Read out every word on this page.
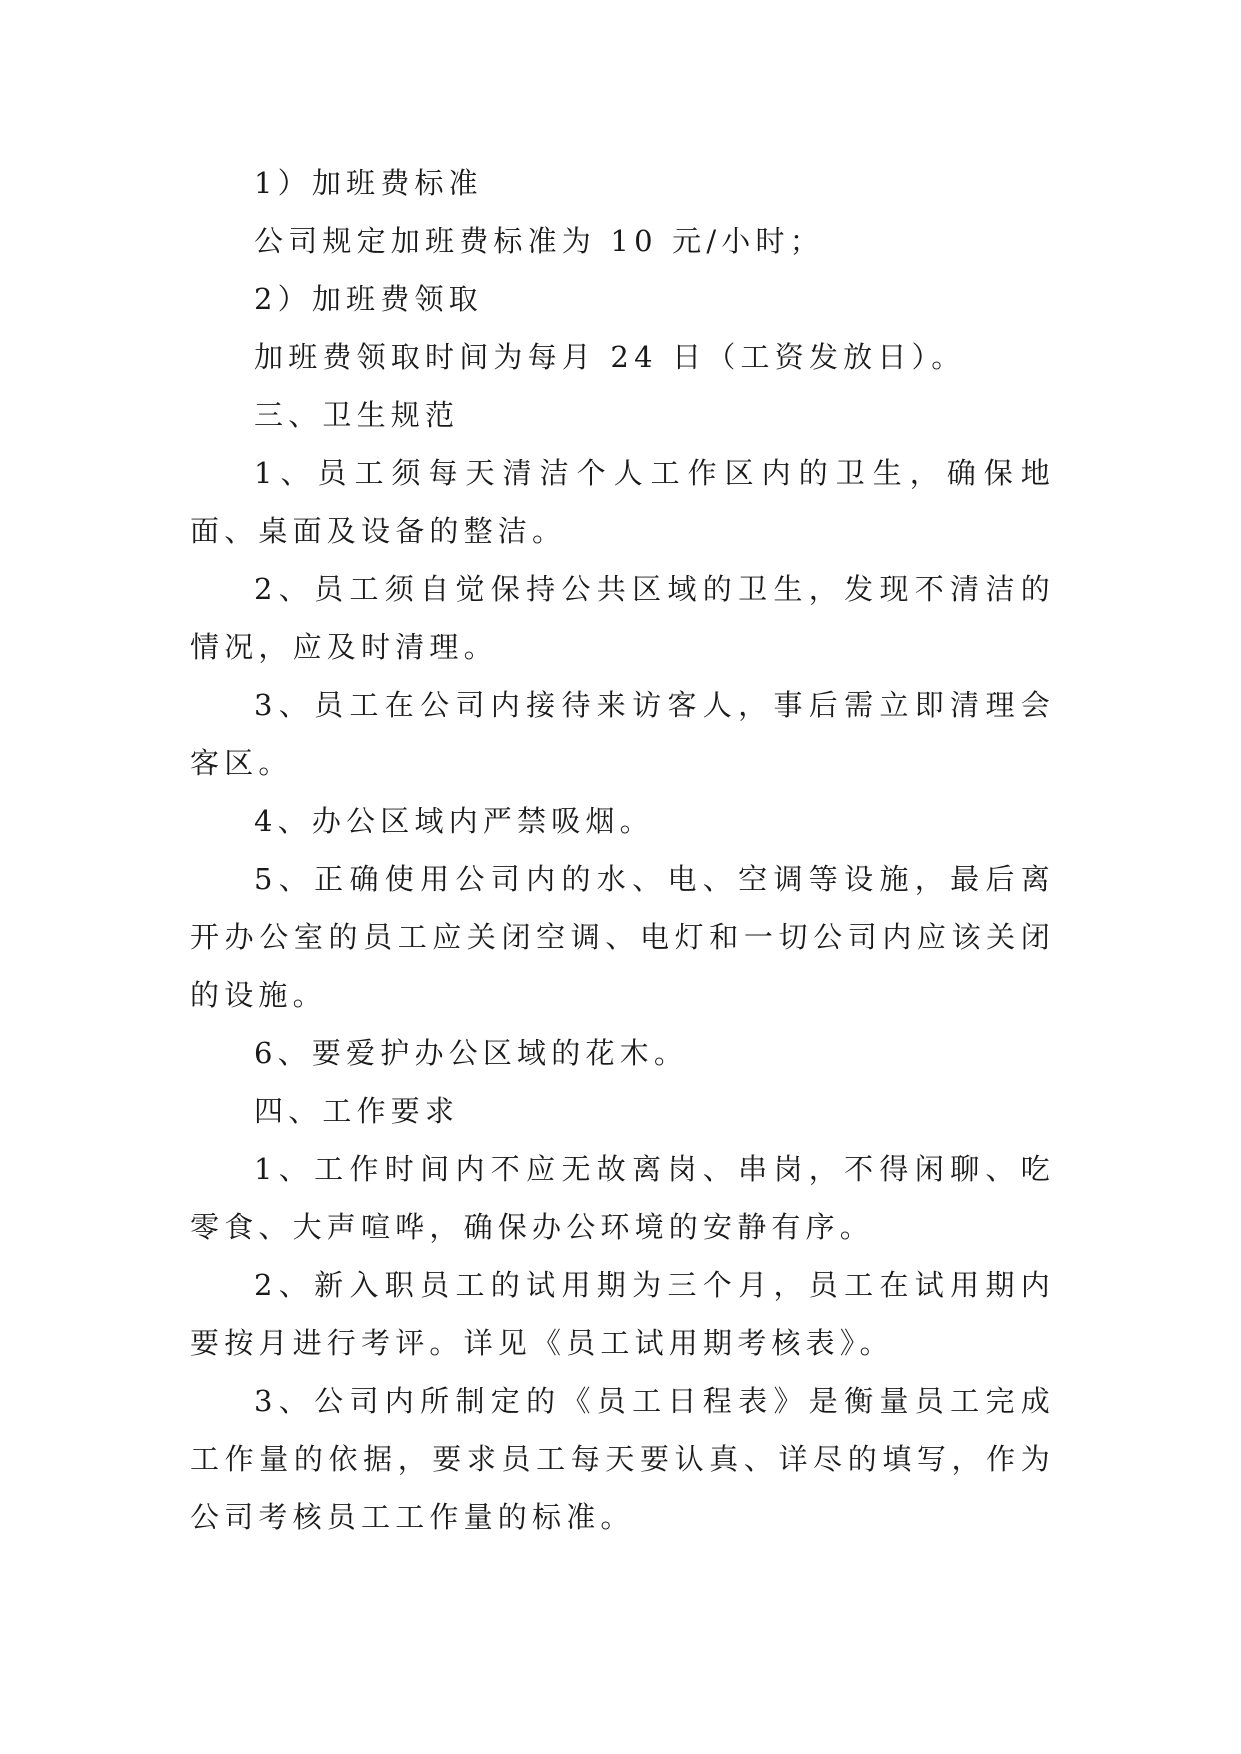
1）加班费标准

公司规定加班费标准为 10 元/小时；

2）加班费领取

加班费领取时间为每月 24 日（工资发放日）。

三、卫生规范

1、员工须每天清洁个人工作区内的卫生，确保地面、桌面及设备的整洁。

2、员工须自觉保持公共区域的卫生，发现不清洁的情况，应及时清理。

3、员工在公司内接待来访客人，事后需立即清理会客区。

4、办公区域内严禁吸烟。

5、正确使用公司内的水、电、空调等设施，最后离开办公室的员工应关闭空调、电灯和一切公司内应该关闭的设施。

6、要爱护办公区域的花木。

四、工作要求

1、工作时间内不应无故离岗、串岗，不得闲聊、吃零食、大声喧哗，确保办公环境的安静有序。

2、新入职员工的试用期为三个月，员工在试用期内要按月进行考评。详见《员工试用期考核表》。

3、公司内所制定的《员工日程表》是衡量员工完成工作量的依据，要求员工每天要认真、详尽的填写，作为公司考核员工工作量的标准。
